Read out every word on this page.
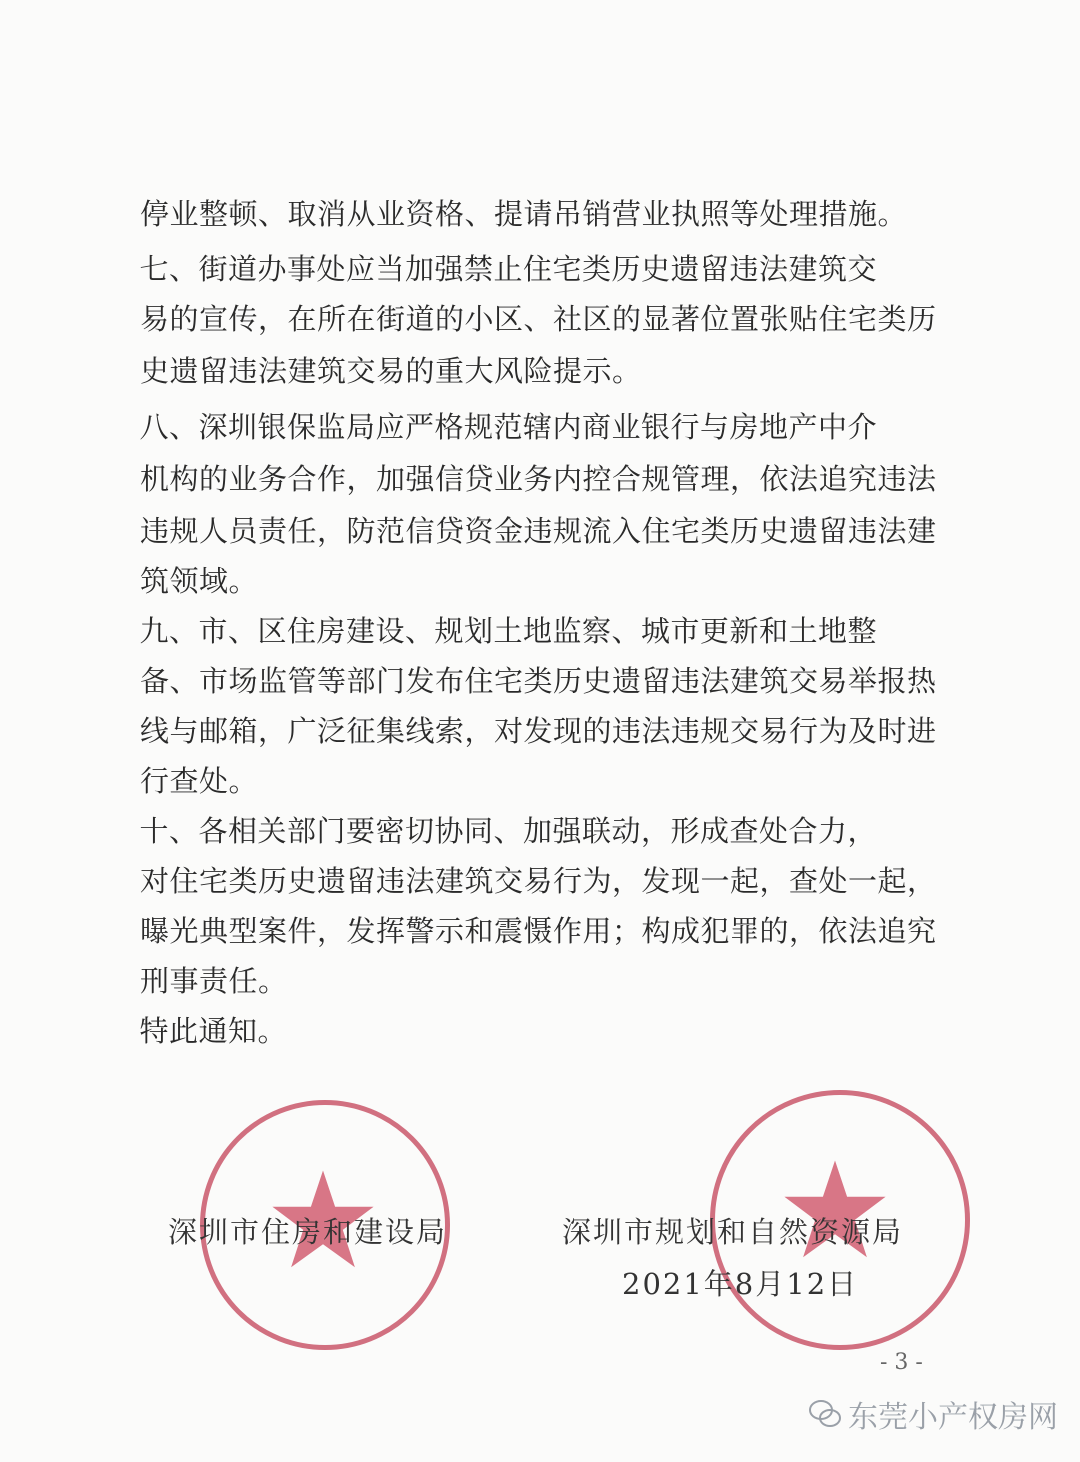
停业整顿、取消从业资格、提请吊销营业执照等处理措施。
　七、街道办事处应当加强禁止住宅类历史遗留违法建筑交
易的宣传，在所在街道的小区、社区的显著位置张贴住宅类历
史遗留违法建筑交易的重大风险提示。
　八、深圳银保监局应严格规范辖内商业银行与房地产中介
机构的业务合作，加强信贷业务内控合规管理，依法追究违法
违规人员责任，防范信贷资金违规流入住宅类历史遗留违法建
筑领域。
　九、市、区住房建设、规划土地监察、城市更新和土地整
备、市场监管等部门发布住宅类历史遗留违法建筑交易举报热
线与邮箱，广泛征集线索，对发现的违法违规交易行为及时进
行查处。
　十、各相关部门要密切协同、加强联动，形成查处合力，
对住宅类历史遗留违法建筑交易行为，发现一起，查处一起，
曝光典型案件，发挥警示和震慑作用；构成犯罪的，依法追究
刑事责任。
　特此通知。
深圳市住房和建设局	深圳市规划和自然资源局
2021年8月12日
- 3 -
东莞小产权房网
